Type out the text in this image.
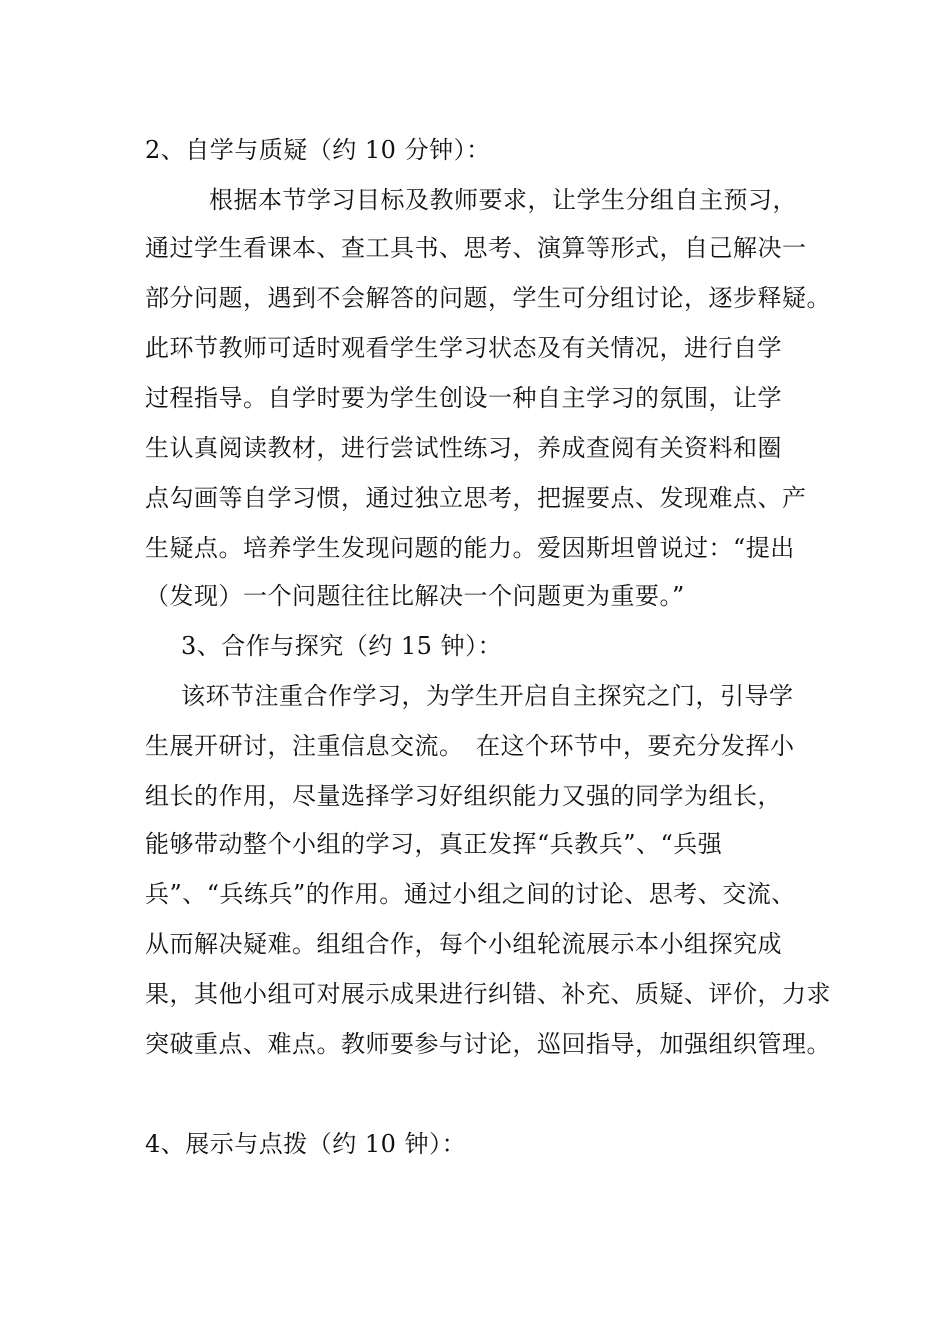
2、自学与质疑（约 10 分钟）：
根据本节学习目标及教师要求，让学生分组自主预习，
通过学生看课本、查工具书、思考、演算等形式，自己解决一
部分问题，遇到不会解答的问题，学生可分组讨论，逐步释疑。
此环节教师可适时观看学生学习状态及有关情况，进行自学
过程指导。自学时要为学生创设一种自主学习的氛围，让学
生认真阅读教材，进行尝试性练习，养成查阅有关资料和圈
点勾画等自学习惯，通过独立思考，把握要点、发现难点、产
生疑点。培养学生发现问题的能力。爱因斯坦曾说过：“提出
（发现）一个问题往往比解决一个问题更为重要。”
3、合作与探究（约 15 钟）：
该环节注重合作学习，为学生开启自主探究之门，引导学
生展开研讨，注重信息交流。　在这个环节中，要充分发挥小
组长的作用，尽量选择学习好组织能力又强的同学为组长，
能够带动整个小组的学习，真正发挥“兵教兵”、“兵强
兵”、“兵练兵”的作用。通过小组之间的讨论、思考、交流、
从而解决疑难。组组合作，每个小组轮流展示本小组探究成
果，其他小组可对展示成果进行纠错、补充、质疑、评价，力求
突破重点、难点。教师要参与讨论，巡回指导，加强组织管理。
4、展示与点拨（约 10 钟）：
